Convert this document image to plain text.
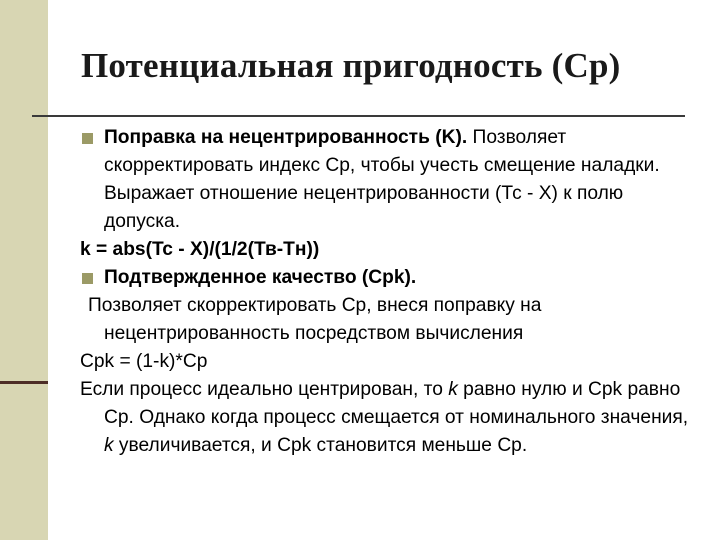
Потенциальная пригодность (Cp)

Поправка на нецентрированность (K). Позволяет скорректировать индекс Cp, чтобы учесть смещение наладки. Выражает отношение нецентрированности (Тс - Х) к полю допуска.

k = abs(Tc - X)/(1/2(Тв-Тн))

Подтвержденное качество (Cpk).

Позволяет скорректировать Cp, внеся поправку на нецентрированность посредством вычисления

Cpk = (1-k)*Cp

Если процесс идеально центрирован, то k равно нулю и Cpk равно Cp. Однако когда процесс смещается от номинального значения, k увеличивается, и Cpk становится меньше Cp.
